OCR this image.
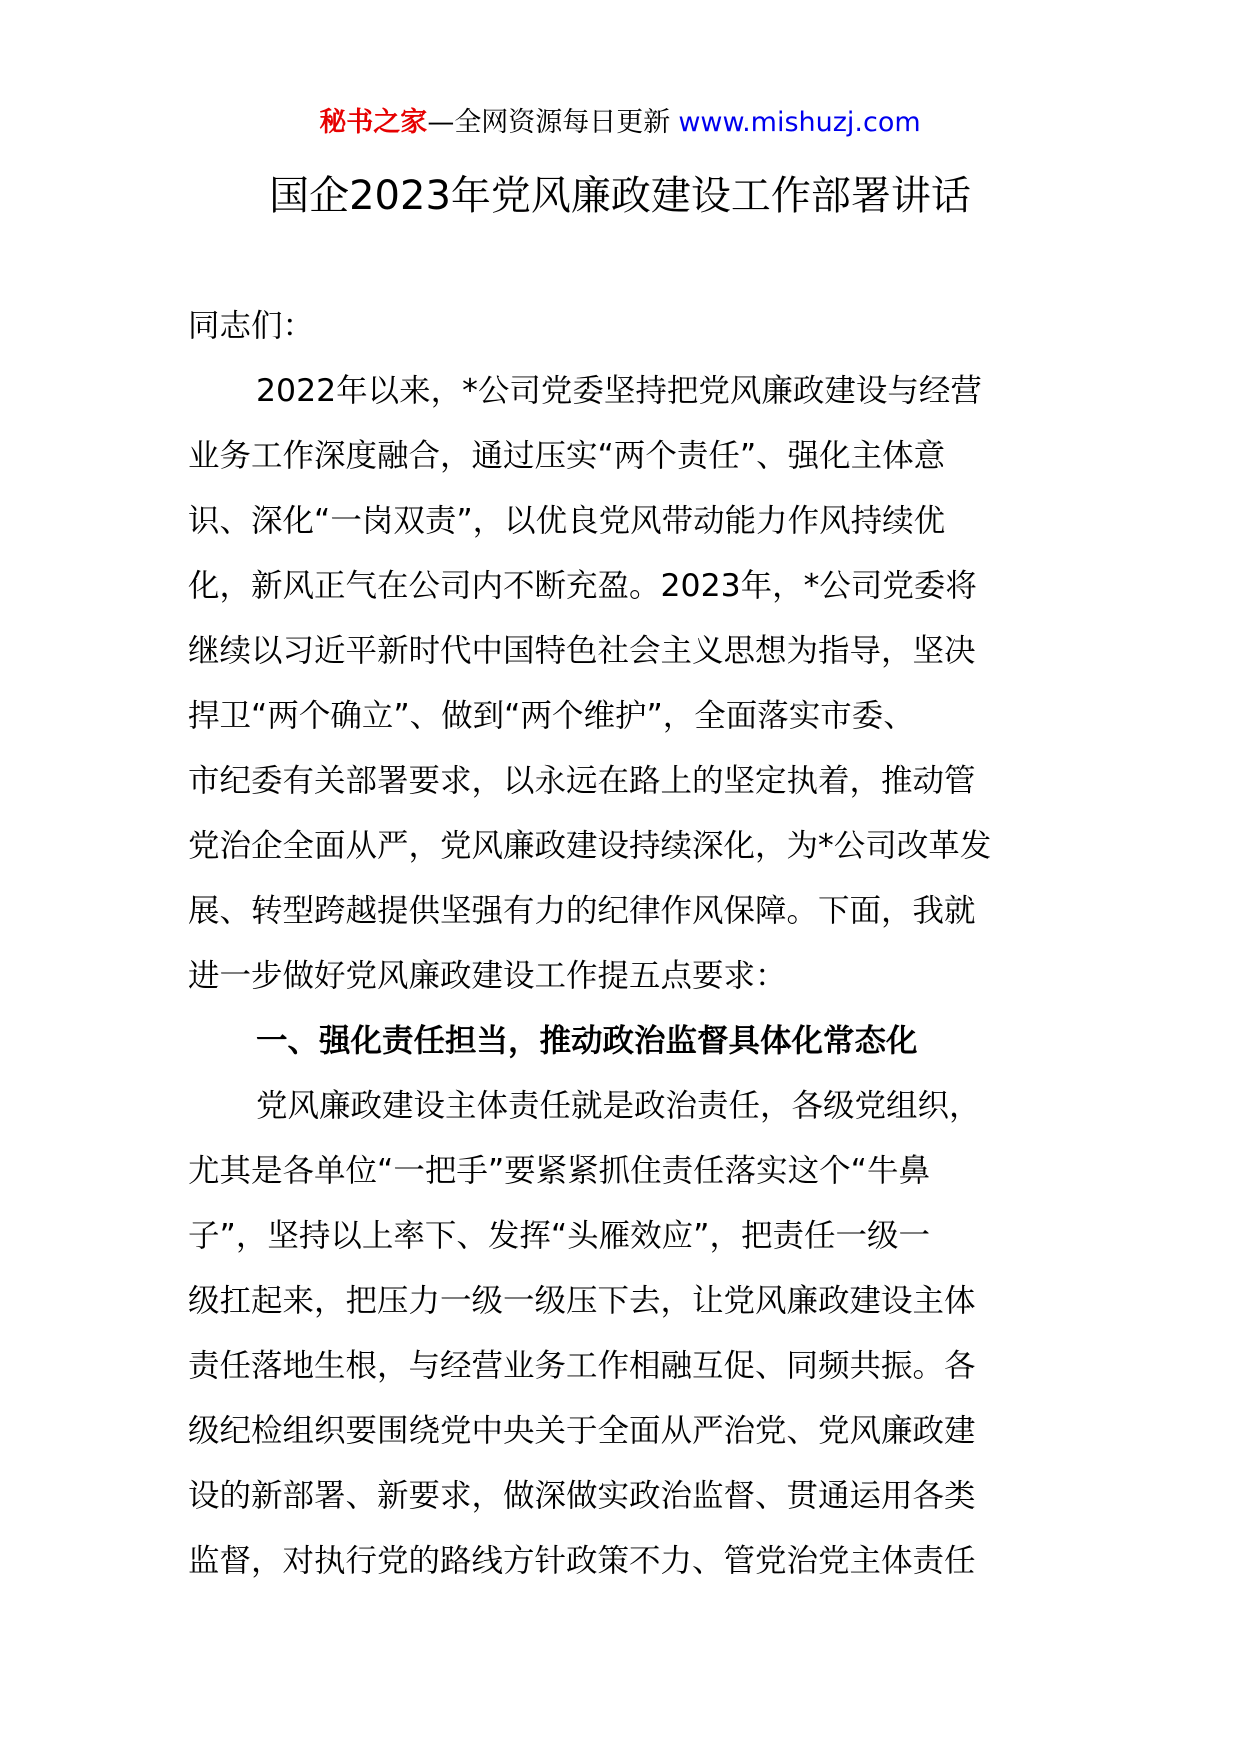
秘书之家—全网资源每日更新 www.mishuzj.com
国企2023年党风廉政建设工作部署讲话
同志们：
2022年以来，*公司党委坚持把党风廉政建设与经营
业务工作深度融合，通过压实“两个责任”、强化主体意
识、深化“一岗双责”，以优良党风带动能力作风持续优
化，新风正气在公司内不断充盈。2023年，*公司党委将
继续以习近平新时代中国特色社会主义思想为指导，坚决
捍卫“两个确立”、做到“两个维护”，全面落实市委、
市纪委有关部署要求，以永远在路上的坚定执着，推动管
党治企全面从严，党风廉政建设持续深化，为*公司改革发
展、转型跨越提供坚强有力的纪律作风保障。下面，我就
进一步做好党风廉政建设工作提五点要求：
一、强化责任担当，推动政治监督具体化常态化
党风廉政建设主体责任就是政治责任，各级党组织，
尤其是各单位“一把手”要紧紧抓住责任落实这个“牛鼻
子”，坚持以上率下、发挥“头雁效应”，把责任一级一
级扛起来，把压力一级一级压下去，让党风廉政建设主体
责任落地生根，与经营业务工作相融互促、同频共振。各
级纪检组织要围绕党中央关于全面从严治党、党风廉政建
设的新部署、新要求，做深做实政治监督、贯通运用各类
监督，对执行党的路线方针政策不力、管党治党主体责任
